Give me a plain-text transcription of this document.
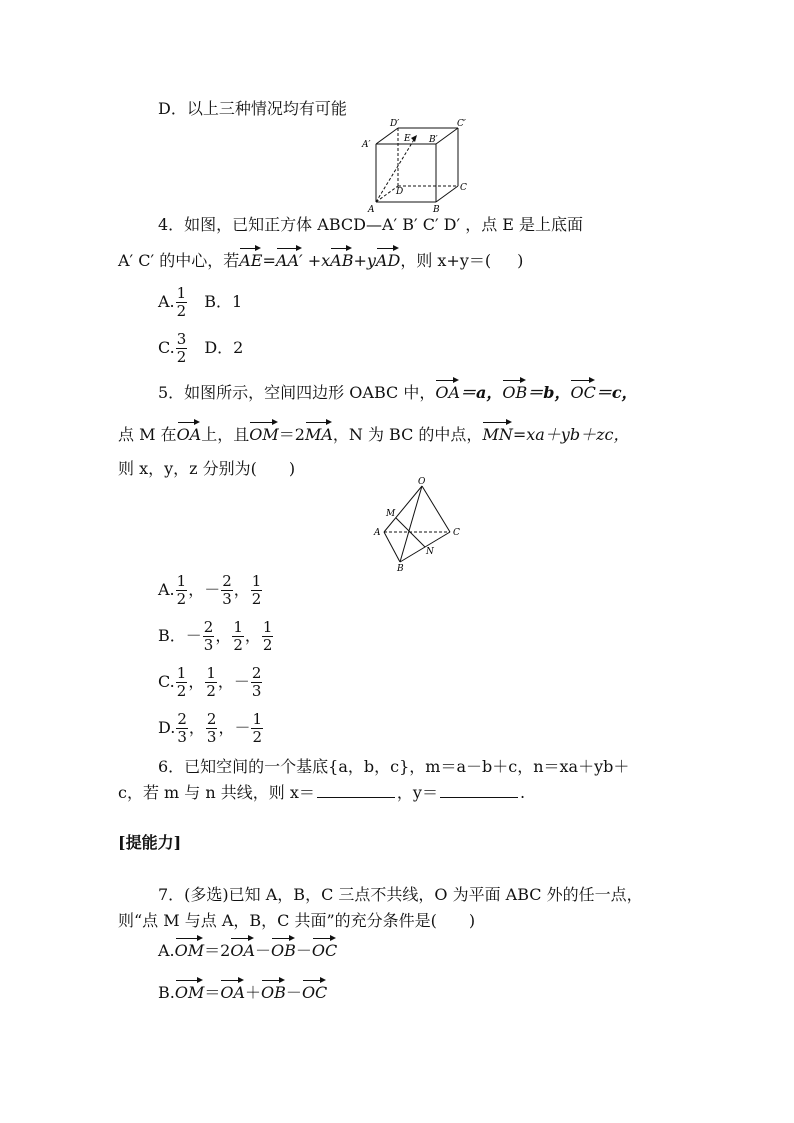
D．以上三种情况均有可能
A′
D′	C′
B′
E
D	C
A	B
4．如图，已知正方体 ABCD—A′ B′ C′ D′ ，点 E 是上底面
A′ C′ 的中心，若AE=AA′ +xAB+yAD，则 x+y＝( )
A. $\frac{1}{2}$
　 B．1
C. $\frac{3}{2}$
　 D．2
5．如图所示，空间四边形 OABC 中，OA＝a，OB＝b，OC＝c，
点 M 在OA上，且OM＝2MA，N 为 BC 的中点，MN=xa＋yb＋zc，
则 x，y，z 分别为(　　)
O
M
A	C
N
B
A. $\frac{1}{2}$ ，－ $\frac{2}{3}$ ， $\frac{1}{2}$
B．－ $\frac{2}{3}$ ， $\frac{1}{2}$ ， $\frac{1}{2}$
C. $\frac{1}{2}$ ， $\frac{1}{2}$ ，－ $\frac{2}{3}$
D. $\frac{2}{3}$ ， $\frac{2}{3}$ ，－ $\frac{1}{2}$
6．已知空间的一个基底{a，b，c}，m＝a－b＋c，n＝xa＋yb＋
c，若 m 与 n 共线，则 x＝	，y＝	.
[提能力]
7．(多选)已知 A，B，C 三点不共线，O 为平面 ABC 外的任一点，
则“点 M 与点 A，B，C 共面”的充分条件是(　　)
A.OM＝2OA－OB－OC
B.OM＝OA＋OB－OC
